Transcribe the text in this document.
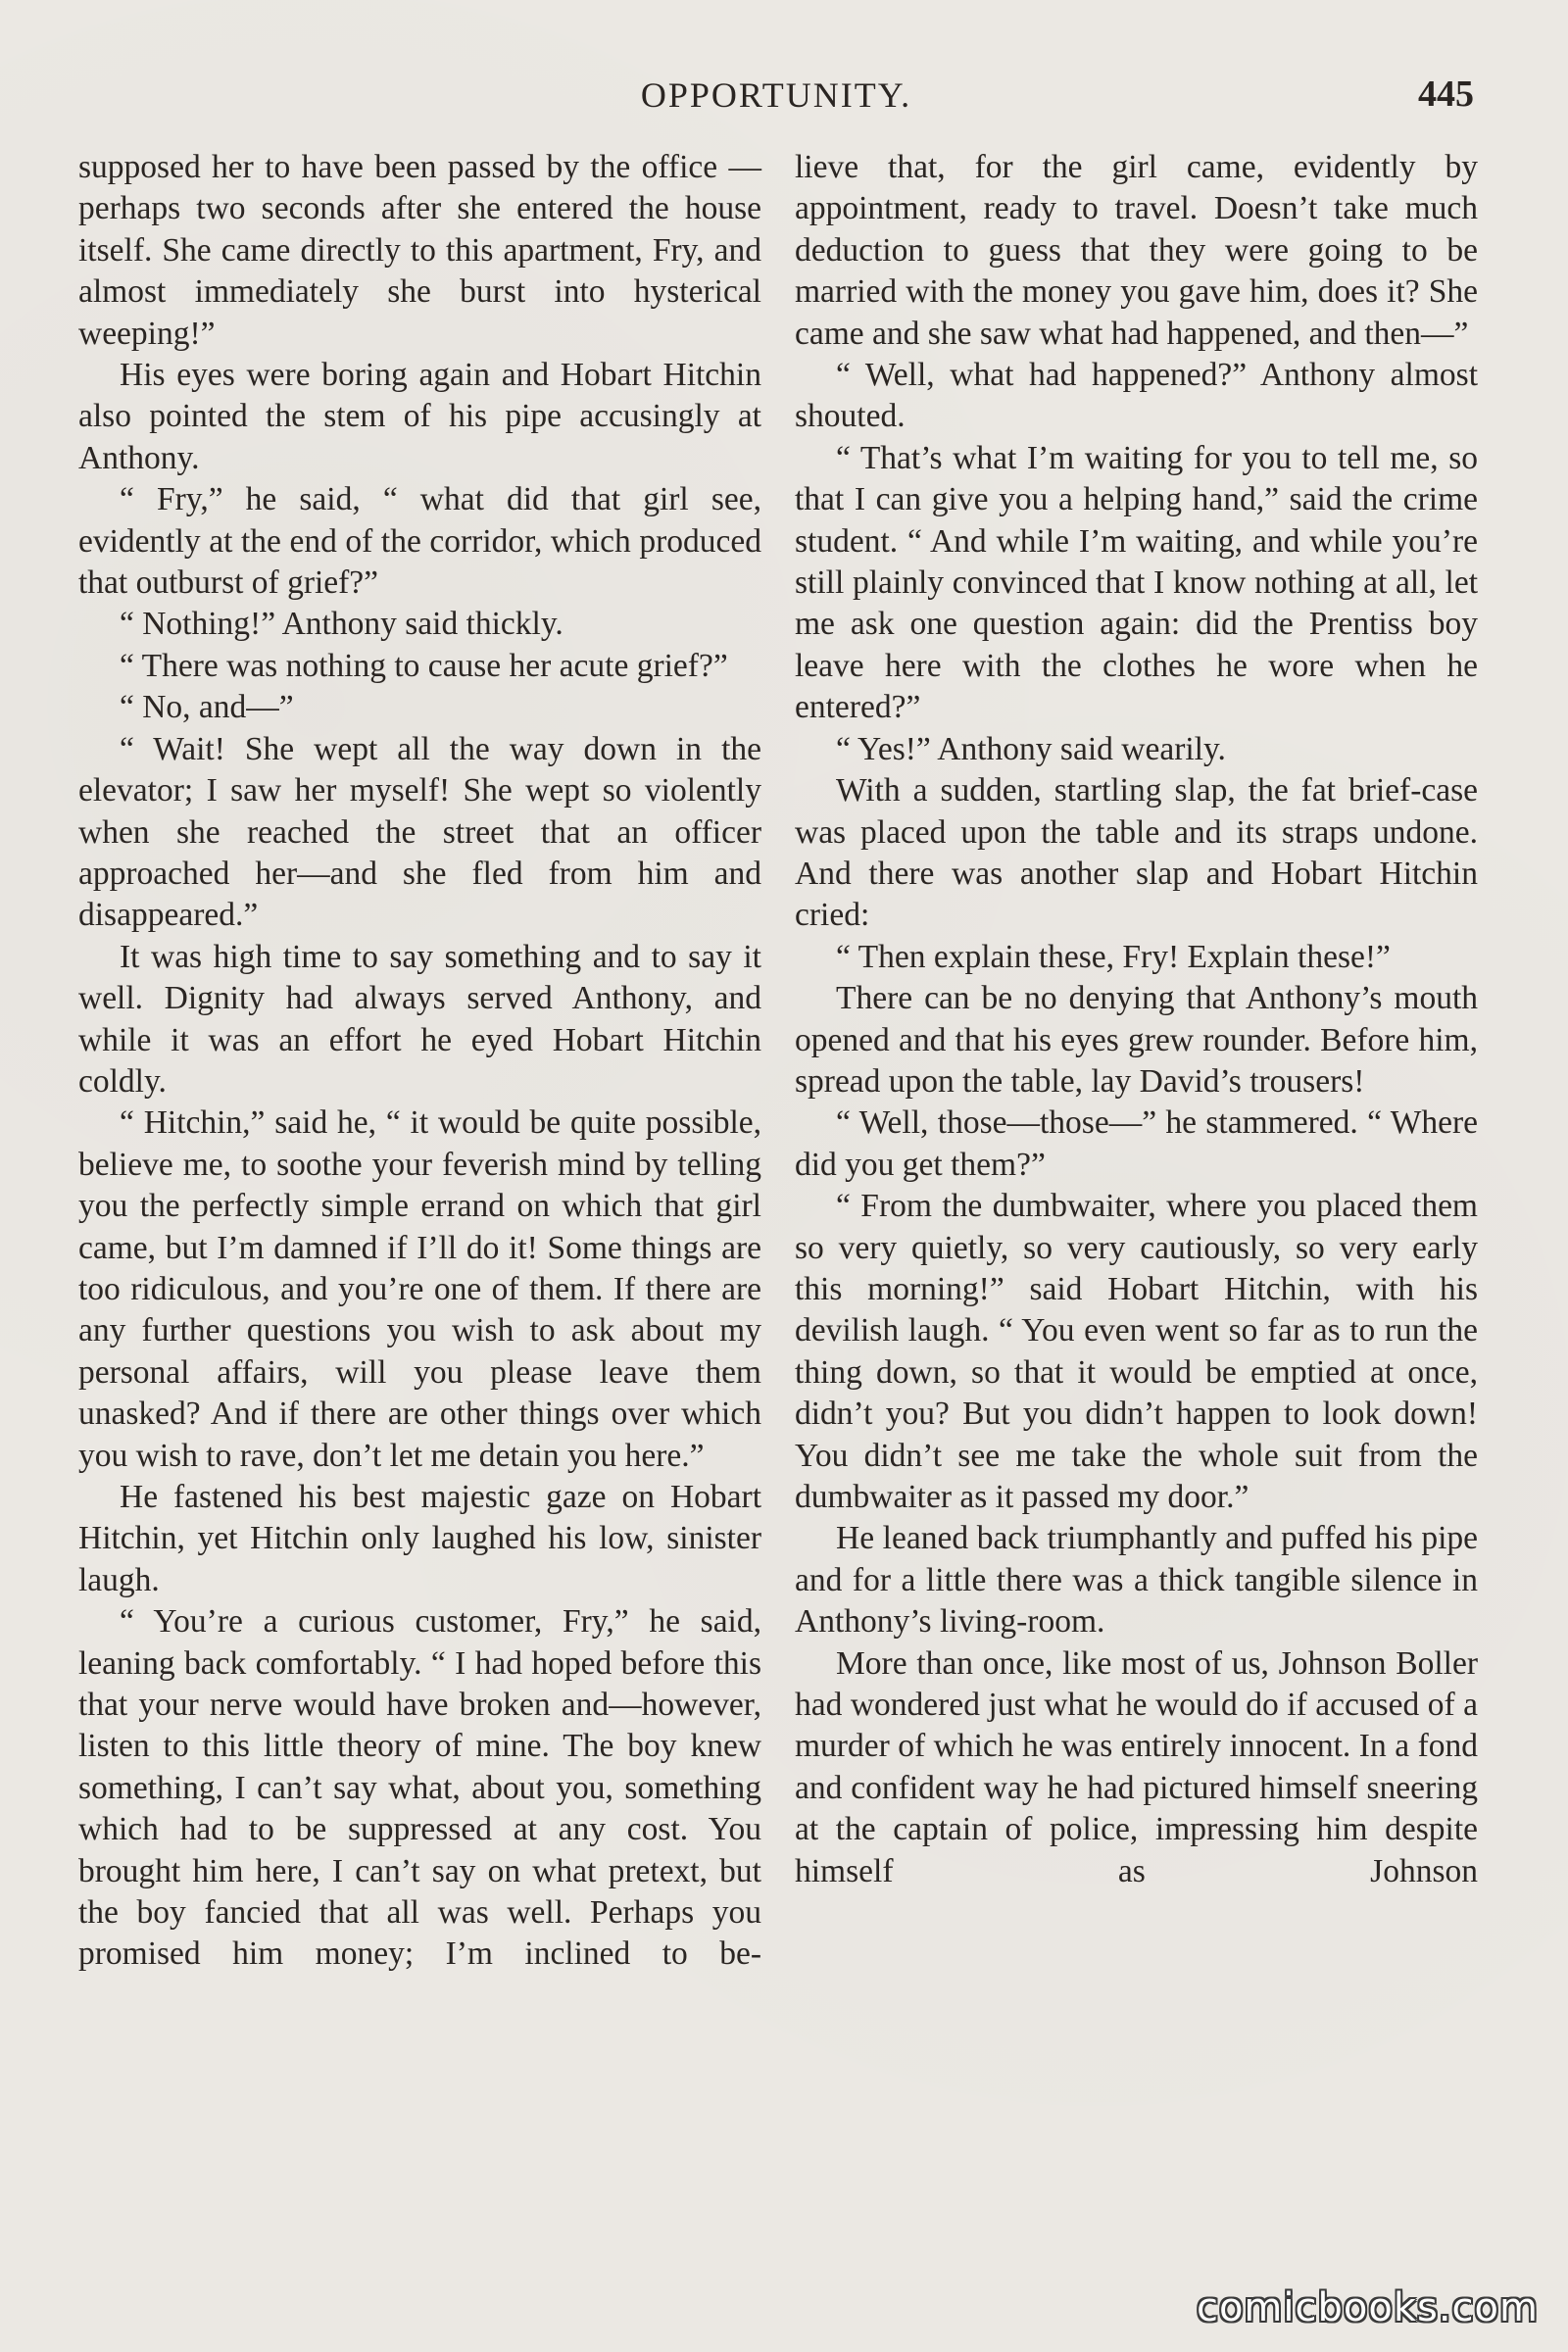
OPPORTUNITY.	445

supposed her to have been passed by the office — perhaps two seconds after she entered the house itself. She came directly to this apartment, Fry, and almost immediately she burst into hysterical weeping!”

His eyes were boring again and Hobart Hitchin also pointed the stem of his pipe accusingly at Anthony.

“ Fry,” he said, “ what did that girl see, evidently at the end of the corridor, which produced that outburst of grief?”

“ Nothing!” Anthony said thickly.

“ There was nothing to cause her acute grief?”

“ No, and—”

“ Wait! She wept all the way down in the elevator; I saw her myself! She wept so violently when she reached the street that an officer approached her—and she fled from him and disappeared.”

It was high time to say something and to say it well. Dignity had always served Anthony, and while it was an effort he eyed Hobart Hitchin coldly.

“ Hitchin,” said he, “ it would be quite possible, believe me, to soothe your feverish mind by telling you the perfectly simple errand on which that girl came, but I’m damned if I’ll do it! Some things are too ridiculous, and you’re one of them. If there are any further questions you wish to ask about my personal affairs, will you please leave them unasked? And if there are other things over which you wish to rave, don’t let me detain you here.”

He fastened his best majestic gaze on Hobart Hitchin, yet Hitchin only laughed his low, sinister laugh.

“ You’re a curious customer, Fry,” he said, leaning back comfortably. “ I had hoped before this that your nerve would have broken and—however, listen to this little theory of mine. The boy knew something, I can’t say what, about you, something which had to be suppressed at any cost. You brought him here, I can’t say on what pretext, but the boy fancied that all was well. Perhaps you promised him money; I’m inclined to be-

lieve that, for the girl came, evidently by appointment, ready to travel. Doesn’t take much deduction to guess that they were going to be married with the money you gave him, does it? She came and she saw what had happened, and then—”

“ Well, what had happened?” Anthony almost shouted.

“ That’s what I’m waiting for you to tell me, so that I can give you a helping hand,” said the crime student. “ And while I’m waiting, and while you’re still plainly convinced that I know nothing at all, let me ask one question again: did the Prentiss boy leave here with the clothes he wore when he entered?”

“ Yes!” Anthony said wearily.

With a sudden, startling slap, the fat brief-case was placed upon the table and its straps undone. And there was another slap and Hobart Hitchin cried:

“ Then explain these, Fry! Explain these!”

There can be no denying that Anthony’s mouth opened and that his eyes grew rounder. Before him, spread upon the table, lay David’s trousers!

“ Well, those—those—” he stammered. “ Where did you get them?”

“ From the dumbwaiter, where you placed them so very quietly, so very cautiously, so very early this morning!” said Hobart Hitchin, with his devilish laugh. “ You even went so far as to run the thing down, so that it would be emptied at once, didn’t you? But you didn’t happen to look down! You didn’t see me take the whole suit from the dumbwaiter as it passed my door.”

He leaned back triumphantly and puffed his pipe and for a little there was a thick tangible silence in Anthony’s living-room.

More than once, like most of us, Johnson Boller had wondered just what he would do if accused of a murder of which he was entirely innocent. In a fond and confident way he had pictured himself sneering at the captain of police, impressing him despite himself as Johnson

comicbooks.com
